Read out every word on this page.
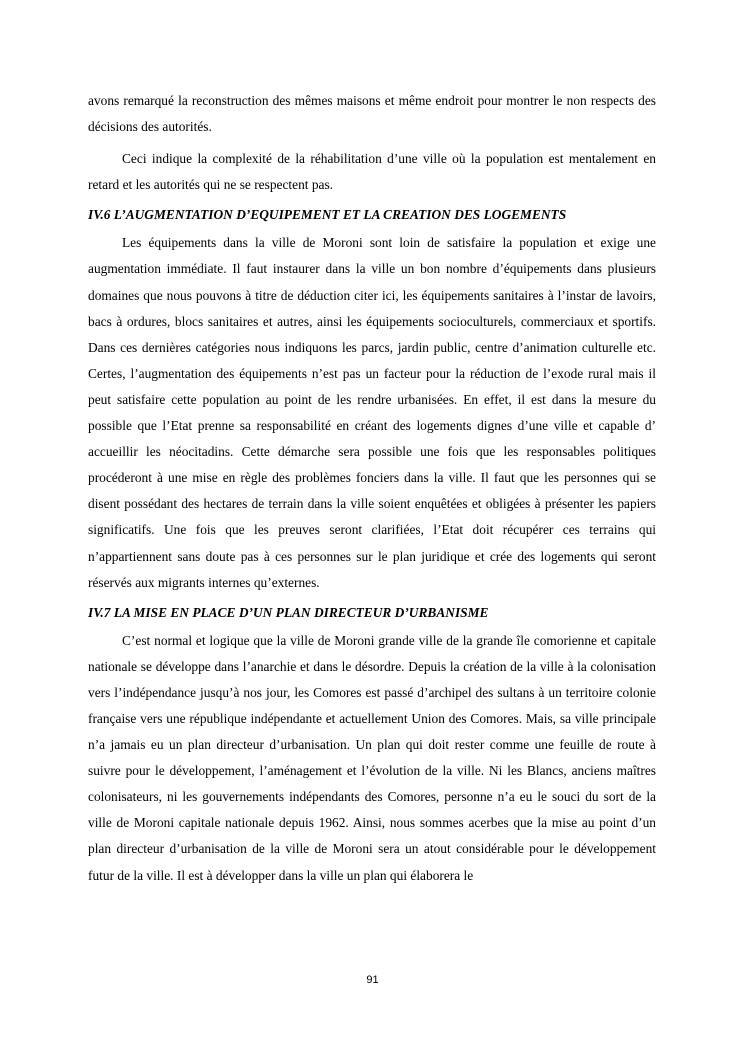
avons remarqué la reconstruction des mêmes maisons et même endroit pour montrer le non respects des décisions des autorités.

Ceci indique la complexité de la réhabilitation d’une ville où la population est mentalement en retard et les autorités qui ne se respectent pas.

IV.6 L’AUGMENTATION D’EQUIPEMENT ET LA CREATION DES LOGEMENTS

Les équipements dans la ville de Moroni sont loin de satisfaire la population et exige une augmentation immédiate. Il faut instaurer dans la ville un bon nombre d’équipements dans plusieurs domaines que nous pouvons à titre de déduction citer ici, les équipements sanitaires à l’instar de lavoirs, bacs à ordures, blocs sanitaires et autres, ainsi les équipements socioculturels, commerciaux et sportifs. Dans ces dernières catégories nous indiquons les parcs, jardin public, centre d’animation culturelle etc. Certes, l’augmentation des équipements n’est pas un facteur pour la réduction de l’exode rural mais il peut satisfaire cette population au point de les rendre urbanisées. En effet, il est dans la mesure du possible que l’Etat prenne sa responsabilité en créant des logements dignes d’une ville et capable d’ accueillir les néocitadins. Cette démarche sera possible une fois que les responsables politiques procéderont à une mise en règle des problèmes fonciers dans la ville. Il faut que les personnes qui se disent possédant des hectares de terrain dans la ville soient enquêtées et obligées à présenter les papiers significatifs. Une fois que les preuves seront clarifiées, l’Etat doit récupérer ces terrains qui n’appartiennent sans doute pas à ces personnes sur le plan juridique et crée des logements qui seront réservés aux migrants internes qu’externes.

IV.7 LA MISE EN PLACE D’UN PLAN DIRECTEUR D’URBANISME

C’est normal et logique que la ville de Moroni grande ville de la grande île comorienne et capitale nationale se développe dans l’anarchie et dans le désordre. Depuis la création de la ville à la colonisation vers l’indépendance jusqu’à nos jour, les Comores est passé d’archipel des sultans à un territoire colonie française vers une république indépendante et actuellement Union des Comores. Mais, sa ville principale n’a jamais eu un plan directeur d’urbanisation. Un plan qui doit rester comme une feuille de route à suivre pour le développement, l’aménagement et l’évolution de la ville. Ni les Blancs, anciens maîtres colonisateurs, ni les gouvernements indépendants des Comores, personne n’a eu le souci du sort de la ville de Moroni capitale nationale depuis 1962. Ainsi, nous sommes acerbes que la mise au point d’un plan directeur d’urbanisation de la ville de Moroni sera un atout considérable pour le développement futur de la ville. Il est à développer dans la ville un plan qui élaborera le

91
